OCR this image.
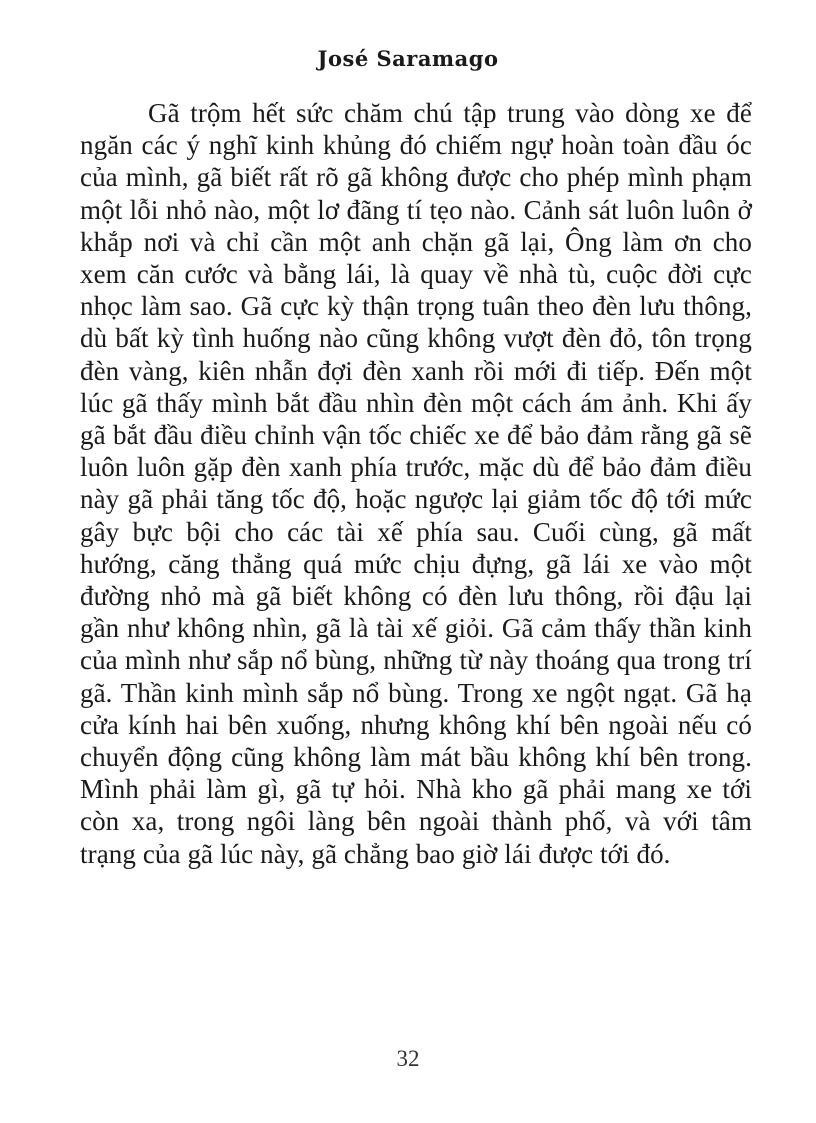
José Saramago

Gã trộm hết sức chăm chú tập trung vào dòng xe để ngăn các ý nghĩ kinh khủng đó chiếm ngự hoàn toàn đầu óc của mình, gã biết rất rõ gã không được cho phép mình phạm một lỗi nhỏ nào, một lơ đãng tí tẹo nào. Cảnh sát luôn luôn ở khắp nơi và chỉ cần một anh chặn gã lại, Ông làm ơn cho xem căn cước và bằng lái, là quay về nhà tù, cuộc đời cực nhọc làm sao. Gã cực kỳ thận trọng tuân theo đèn lưu thông, dù bất kỳ tình huống nào cũng không vượt đèn đỏ, tôn trọng đèn vàng, kiên nhẫn đợi đèn xanh rồi mới đi tiếp. Đến một lúc gã thấy mình bắt đầu nhìn đèn một cách ám ảnh. Khi ấy gã bắt đầu điều chỉnh vận tốc chiếc xe để bảo đảm rằng gã sẽ luôn luôn gặp đèn xanh phía trước, mặc dù để bảo đảm điều này gã phải tăng tốc độ, hoặc ngược lại giảm tốc độ tới mức gây bực bội cho các tài xế phía sau. Cuối cùng, gã mất hướng, căng thẳng quá mức chịu đựng, gã lái xe vào một đường nhỏ mà gã biết không có đèn lưu thông, rồi đậu lại gần như không nhìn, gã là tài xế giỏi. Gã cảm thấy thần kinh của mình như sắp nổ bùng, những từ này thoáng qua trong trí gã. Thần kinh mình sắp nổ bùng. Trong xe ngột ngạt. Gã hạ cửa kính hai bên xuống, nhưng không khí bên ngoài nếu có chuyển động cũng không làm mát bầu không khí bên trong. Mình phải làm gì, gã tự hỏi. Nhà kho gã phải mang xe tới còn xa, trong ngôi làng bên ngoài thành phố, và với tâm trạng của gã lúc này, gã chẳng bao giờ lái được tới đó.

32
